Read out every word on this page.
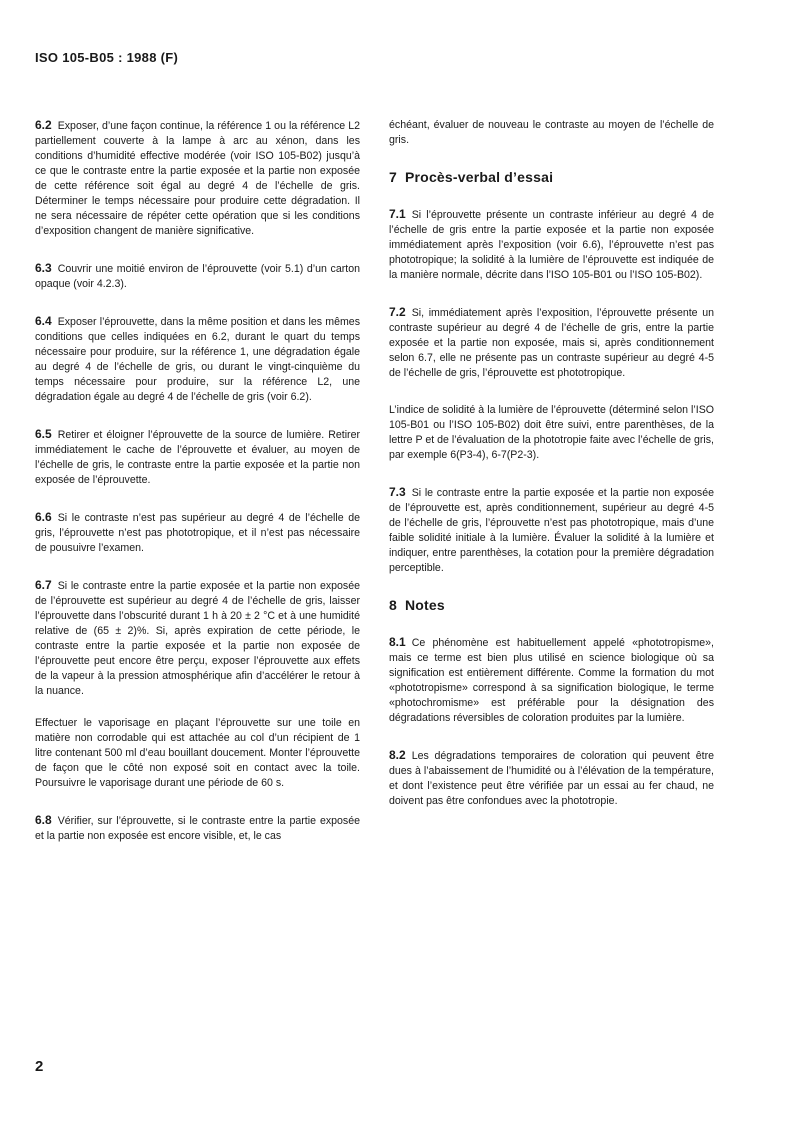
ISO 105-B05 : 1988 (F)

6.2 Exposer, d’une façon continue, la référence 1 ou la référence L2 partiellement couverte à la lampe à arc au xénon, dans les conditions d’humidité effective modérée (voir ISO 105-B02) jusqu’à ce que le contraste entre la partie exposée et la partie non exposée de cette référence soit égal au degré 4 de l’échelle de gris. Déterminer le temps nécessaire pour produire cette dégradation. Il ne sera nécessaire de répéter cette opération que si les conditions d’exposition changent de manière significative.

6.3 Couvrir une moitié environ de l’éprouvette (voir 5.1) d’un carton opaque (voir 4.2.3).

6.4 Exposer l’éprouvette, dans la même position et dans les mêmes conditions que celles indiquées en 6.2, durant le quart du temps nécessaire pour produire, sur la référence 1, une dégradation égale au degré 4 de l’échelle de gris, ou durant le vingt-cinquième du temps nécessaire pour produire, sur la référence L2, une dégradation égale au degré 4 de l’échelle de gris (voir 6.2).

6.5 Retirer et éloigner l’éprouvette de la source de lumière. Retirer immédiatement le cache de l’éprouvette et évaluer, au moyen de l’échelle de gris, le contraste entre la partie exposée et la partie non exposée de l’éprouvette.

6.6 Si le contraste n’est pas supérieur au degré 4 de l’échelle de gris, l’éprouvette n’est pas phototropique, et il n’est pas nécessaire de pousuivre l’examen.

6.7 Si le contraste entre la partie exposée et la partie non exposée de l’éprouvette est supérieur au degré 4 de l’échelle de gris, laisser l’éprouvette dans l’obscurité durant 1 h à 20 ± 2 °C et à une humidité relative de (65 ± 2)%. Si, après expiration de cette période, le contraste entre la partie exposée et la partie non exposée de l’éprouvette peut encore être perçu, exposer l’éprouvette aux effets de la vapeur à la pression atmosphérique afin d’accélérer le retour à la nuance.

Effectuer le vaporisage en plaçant l’éprouvette sur une toile en matière non corrodable qui est attachée au col d’un récipient de 1 litre contenant 500 ml d’eau bouillant doucement. Monter l’éprouvette de façon que le côté non exposé soit en contact avec la toile. Poursuivre le vaporisage durant une période de 60 s.

6.8 Vérifier, sur l’éprouvette, si le contraste entre la partie exposée et la partie non exposée est encore visible, et, le cas

échéant, évaluer de nouveau le contraste au moyen de l’échelle de gris.

7 Procès-verbal d’essai

7.1 Si l’éprouvette présente un contraste inférieur au degré 4 de l’échelle de gris entre la partie exposée et la partie non exposée immédiatement après l’exposition (voir 6.6), l’éprouvette n’est pas phototropique; la solidité à la lumière de l’éprouvette est indiquée de la manière normale, décrite dans l’ISO 105-B01 ou l’ISO 105-B02).

7.2 Si, immédiatement après l’exposition, l’éprouvette présente un contraste supérieur au degré 4 de l’échelle de gris, entre la partie exposée et la partie non exposée, mais si, après conditionnement selon 6.7, elle ne présente pas un contraste supérieur au degré 4-5 de l’échelle de gris, l’éprouvette est phototropique.

L’indice de solidité à la lumière de l’éprouvette (déterminé selon l’ISO 105-B01 ou l’ISO 105-B02) doit être suivi, entre parenthèses, de la lettre P et de l’évaluation de la phototropie faite avec l’échelle de gris, par exemple 6(P3-4), 6-7(P2-3).

7.3 Si le contraste entre la partie exposée et la partie non exposée de l’éprouvette est, après conditionnement, supérieur au degré 4-5 de l’échelle de gris, l’éprouvette n’est pas phototropique, mais d’une faible solidité initiale à la lumière. Évaluer la solidité à la lumière et indiquer, entre parenthèses, la cotation pour la première dégradation perceptible.

8 Notes

8.1 Ce phénomène est habituellement appelé «phototropisme», mais ce terme est bien plus utilisé en science biologique où sa signification est entièrement différente. Comme la formation du mot «phototropisme» correspond à sa signification biologique, le terme «photochromisme» est préférable pour la désignation des dégradations réversibles de coloration produites par la lumière.

8.2 Les dégradations temporaires de coloration qui peuvent être dues à l’abaissement de l’humidité ou à l’élévation de la température, et dont l’existence peut être vérifiée par un essai au fer chaud, ne doivent pas être confondues avec la phototropie.

2
